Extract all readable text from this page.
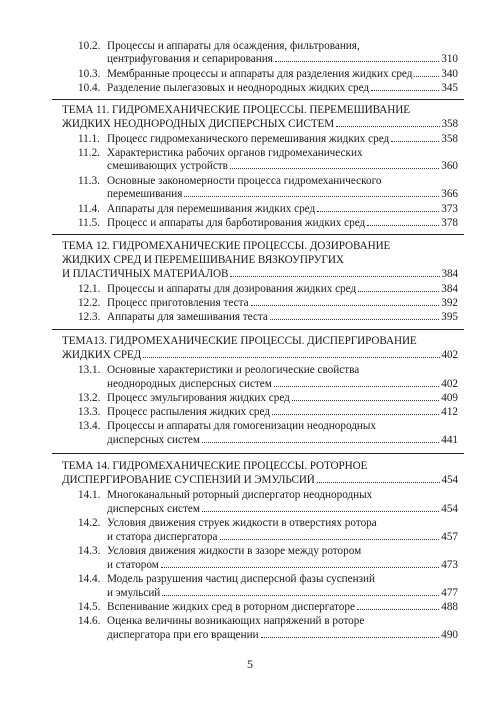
10.2. Процессы и аппараты для осаждения, фильтрования,
центрифугования и сепарирования	310
10.3. Мембранные процессы и аппараты для разделения жидких сред	340
10.4. Разделение пылегазовых и неоднородных жидких сред	345
ТЕМА 11. ГИДРОМЕХАНИЧЕСКИЕ ПРОЦЕССЫ. ПЕРЕМЕШИВАНИЕ
ЖИДКИХ НЕОДНОРОДНЫХ ДИСПЕРСНЫХ СИСТЕМ	358
11.1. Процесс гидромеханического перемешивания жидких сред	358
11.2. Характеристика рабочих органов гидромеханических
смешивающих устройств	360
11.3. Основные закономерности процесса гидромеханического
перемешивания	366
11.4. Аппараты для перемешивания жидких сред	373
11.5. Процесс и аппараты для барботирования жидких сред	378
ТЕМА 12. ГИДРОМЕХАНИЧЕСКИЕ ПРОЦЕССЫ. ДОЗИРОВАНИЕ
ЖИДКИХ СРЕД И ПЕРЕМЕШИВАНИЕ ВЯЗКОУПРУГИХ
И ПЛАСТИЧНЫХ МАТЕРИАЛОВ	384
12.1. Процессы и аппараты для дозирования жидких сред	384
12.2. Процесс приготовления теста	392
12.3. Аппараты для замешивания теста	395
ТЕМА13. ГИДРОМЕХАНИЧЕСКИЕ ПРОЦЕССЫ. ДИСПЕРГИРОВАНИЕ
ЖИДКИХ СРЕД	402
13.1. Основные характеристики и реологические свойства
неоднородных дисперсных систем	402
13.2. Процесс эмульгирования жидких сред	409
13.3. Процесс распыления жидких сред	412
13.4. Процессы и аппараты для гомогенизации неоднородных
дисперсных систем	441
ТЕМА 14. ГИДРОМЕХАНИЧЕСКИЕ ПРОЦЕССЫ. РОТОРНОЕ
ДИСПЕРГИРОВАНИЕ СУСПЕНЗИЙ И ЭМУЛЬСИЙ	454
14.1. Многоканальный роторный диспергатор неоднородных
дисперсных систем	454
14.2. Условия движения струек жидкости в отверстиях ротора
и статора диспергатора	457
14.3. Условия движения жидкости в зазоре между ротором
и статором	473
14.4. Модель разрушения частиц дисперсной фазы суспензий
и эмульсий	477
14.5. Вспенивание жидких сред в роторном диспергаторе	488
14.6. Оценка величины возникающих напряжений в роторе
диспергатора при его вращении	490
5
